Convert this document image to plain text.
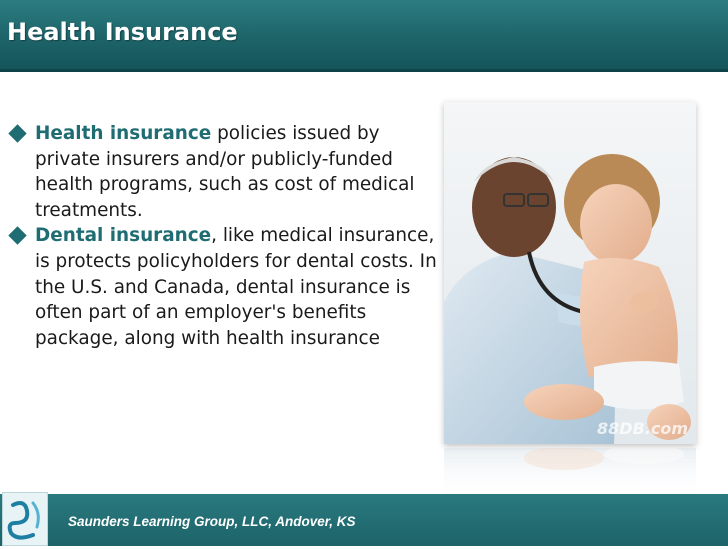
Health Insurance
Health insurance policies issued by private insurers and/or publicly-funded health programs, such as cost of medical treatments.
Dental insurance, like medical insurance, is protects policyholders for dental costs. In the U.S. and Canada, dental insurance is often part of an employer's benefits package, along with health insurance
88DB.com
Saunders Learning Group, LLC, Andover, KS
